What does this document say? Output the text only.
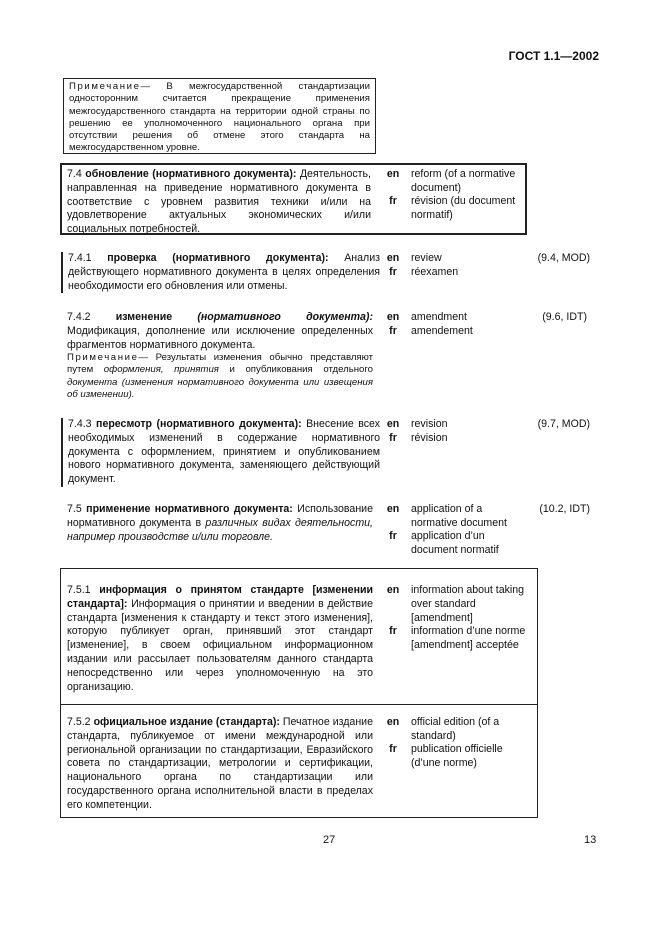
ГОСТ 1.1—2002
Примечание— В межгосударственной стандартизации односторонним считается прекращение применения межгосударственного стандарта на территории одной страны по решению ее уполномоченного национального органа при отсутствии решения об отмене этого стандарта на межгосударственном уровне.
7.4 обновление (нормативного документа): Деятельность, направленная на приведение нормативного документа в соответствие с уровнем развития техники и/или на удовлетворение актуальных экономических и/или социальных потребностей.
en
fr
reform (of a normative document)
révision (du document normatif)
7.4.1 проверка (нормативного документа): Анализ действующего нормативного документа в целях определения необходимости его обновления или отмены.
en
fr
review
réexamen
(9.4, MOD)
7.4.2 изменение (нормативного документа): Модификация, дополнение или исключение определенных фрагментов нормативного документа.
Примечание— Результаты изменения обычно представляют путем оформления, принятия и опубликования отдельного документа (изменения нормативного документа или извещения об изменении).
en
fr
amendment
amendement
(9.6, IDT)
7.4.3 пересмотр (нормативного документа): Внесение всех необходимых изменений в содержание нормативного документа с оформлением, принятием и опубликованием нового нормативного документа, заменяющего действующий документ.
en
fr
revision
révision
(9.7, MOD)
7.5 применение нормативного документа: Использование нормативного документа в различных видах деятельности, например производстве и/или торговле.
en
fr
application of a normative document
application d’un document normatif
(10.2, IDT)
7.5.1 информация о принятом стандарте [изменении стандарта]: Информация о принятии и введении в действие стандарта [изменения к стандарту и текст этого изменения], которую публикует орган, принявший этот стандарт [изменение], в своем официальном информационном издании или рассылает пользователям данного стандарта непосредственно или через уполномоченную на это организацию.
en
fr
information about taking over standard [amendment]
information d’une norme [amendment] acceptée
7.5.2 официальное издание (стандарта): Печатное издание стандарта, публикуемое от имени международной или региональной организации по стандартизации, Евразийского совета по стандартизации, метрологии и сертификации, национального органа по стандартизации или государственного органа исполнительной власти в пределах его компетенции.
en
fr
official edition (of a standard)
publication officielle (d’une norme)
27	13
